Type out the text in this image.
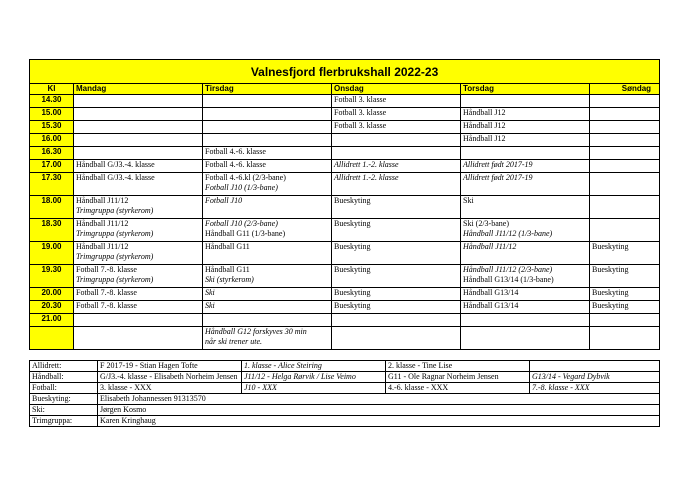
Valnesfjord flerbrukshall 2022-23					
Kl	Mandag	Tirsdag	Onsdag	Torsdag	Søndag
14.30			Fotball 3. klasse		

15.00			Fotball 3. klasse	Håndball J12	

15.30			Fotball 3. klasse	Håndball J12	

16.00				Håndball J12	

16.30		Fotball 4.-6. klasse			

17.00	Håndball G/J3.-4. klasse	Fotball 4.-6. klasse	Allidrett 1.-2. klasse	Allidrett født 2017-19	

17.30	Håndball G/J3.-4. klasse	Fotball 4.-6.kl (2/3-bane)
Fotball J10 (1/3-bane)	Allidrett 1.-2. klasse	Allidrett født 2017-19	

18.00	Håndball J11/12
Trimgruppa (styrkerom)	Fotball J10	Bueskyting	Ski	

18.30	Håndball J11/12
Trimgruppa (styrkerom)	Fotball J10 (2/3-bane)
Håndball G11 (1/3-bane)	Bueskyting	Ski (2/3-bane)
Håndball J11/12 (1/3-bane)	

19.00	Håndball J11/12
Trimgruppa (styrkerom)	Håndball G11	Bueskyting	Håndball J11/12	Bueskyting

19.30	Fotball 7.-8. klasse
Trimgruppa (styrkerom)	Håndball G11
Ski (styrkerom)	Bueskyting	Håndball J11/12 (2/3-bane)
Håndball G13/14 (1/3-bane)	Bueskyting

20.00	Fotball 7.-8. klasse	Ski	Bueskyting	Håndball G13/14	Bueskyting

20.30	Fotball 7.-8. klasse	Ski	Bueskyting	Håndball G13/14	Bueskyting

21.00					

		Håndball G12 forskyves 30 min
når ski trener ute.			

Allidrett:	F 2017-19 - Stian Hagen Tofte	1. klasse - Alice Steiring	2. klasse - Tine Lise	
Håndball:	G/J3.-4. klasse - Elisabeth Norheim Jensen	J11/12 - Helga Rørvik / Lise Veimo	G11 - Ole Ragnar Norheim Jensen	G13/14 - Vegard Dybvik
Fotball:	3. klasse - XXX	J10 - XXX	4.-6. klasse - XXX	7.-8. klasse - XXX
Bueskyting:	Elisabeth Johannessen 91313570			
Ski:	Jørgen Kosmo			
Trimgruppa:	Karen Kringhaug			
